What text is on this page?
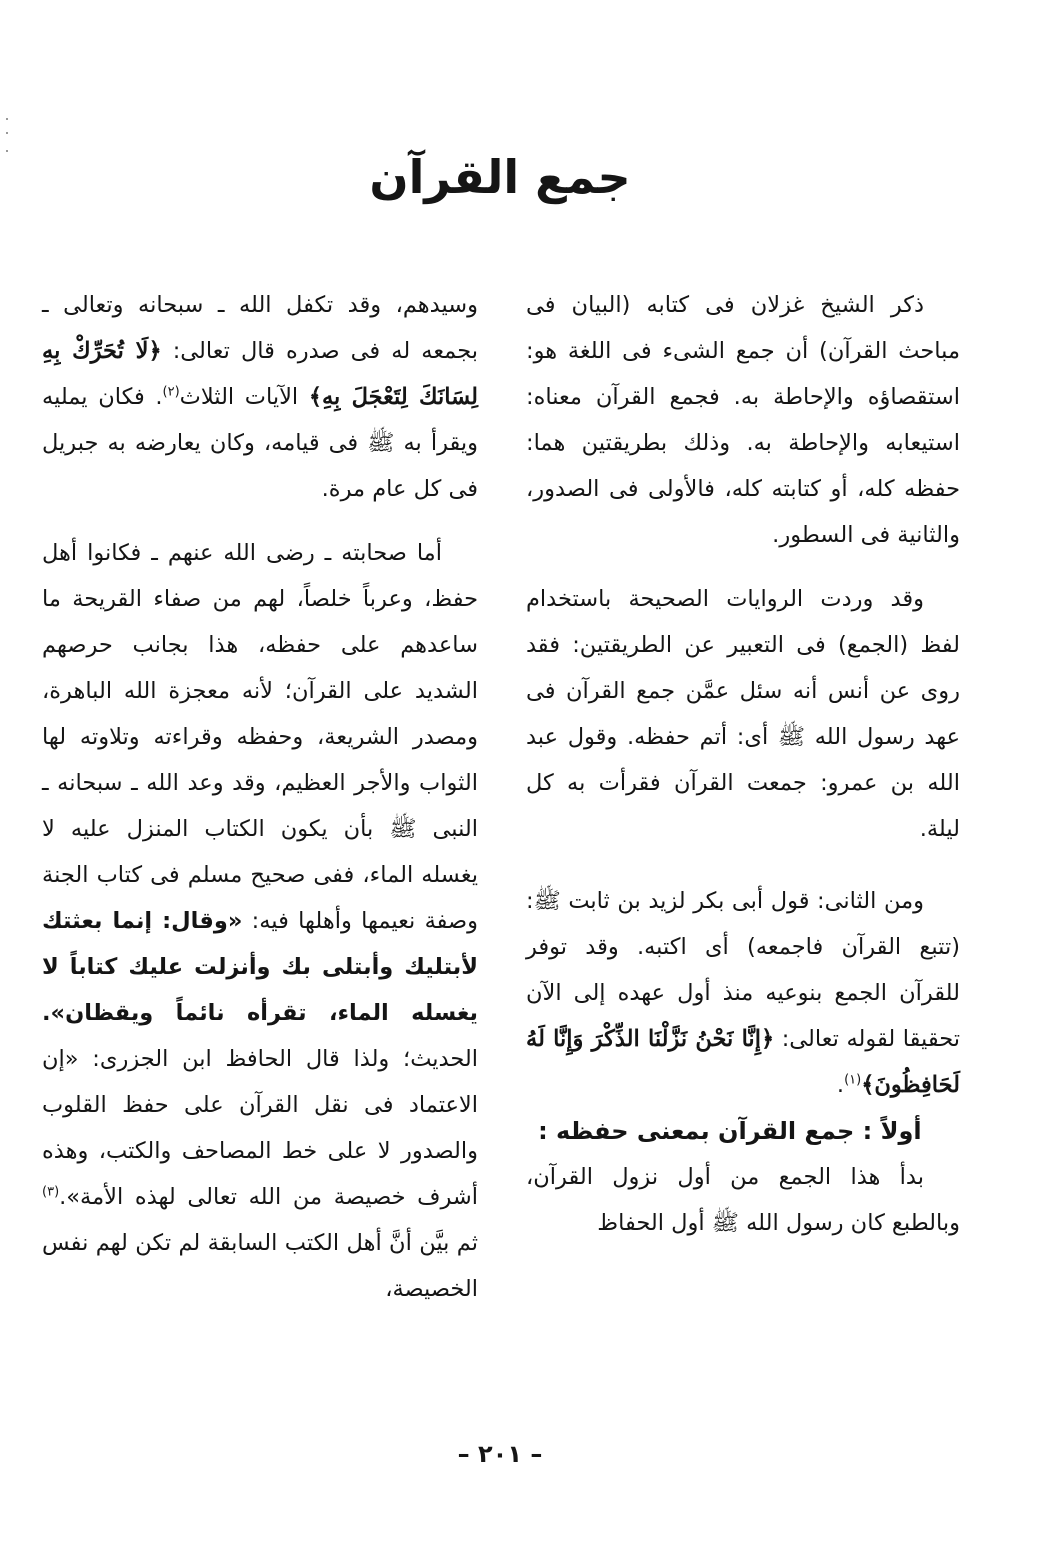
جمع القرآن

ذكر الشيخ غزلان فى كتابه (البيان فى مباحث القرآن) أن جمع الشىء فى اللغة هو: استقصاؤه والإحاطة به. فجمع القرآن معناه: استيعابه والإحاطة به. وذلك بطريقتين هما: حفظه كله، أو كتابته كله، فالأولى فى الصدور، والثانية فى السطور.

وقد وردت الروايات الصحيحة باستخدام لفظ (الجمع) فى التعبير عن الطريقتين: فقد روى عن أنس أنه سئل عمَّن جمع القرآن فى عهد رسول الله ﷺ أى: أتم حفظه. وقول عبد الله بن عمرو: جمعت القرآن فقرأت به كل ليلة.

ومن الثانى: قول أبى بكر لزيد بن ثابت ﷺ: (تتبع القرآن فاجمعه) أى اكتبه. وقد توفر للقرآن الجمع بنوعيه منذ أول عهده إلى الآن تحقيقا لقوله تعالى: ﴿إِنَّا نَحْنُ نَزَّلْنَا الذِّكْرَ وَإِنَّا لَهُ لَحَافِظُونَ﴾$^{(١)}$.

أولاً : جمع القرآن بمعنى حفظه :

بدأ هذا الجمع من أول نزول القرآن، وبالطبع كان رسول الله ﷺ أول الحفاظ

وسيدهم، وقد تكفل الله ـ سبحانه وتعالى ـ بجمعه له فى صدره قال تعالى: ﴿لَا تُحَرِّكْ بِهِ لِسَانَكَ لِتَعْجَلَ بِهِ﴾ الآيات الثلاث$^{(٢)}$. فكان يمليه ويقرأ به ﷺ فى قيامه، وكان يعارضه به جبريل فى كل عام مرة.

أما صحابته ـ رضى الله عنهم ـ فكانوا أهل حفظ، وعرباً خلصاً، لهم من صفاء القريحة ما ساعدهم على حفظه، هذا بجانب حرصهم الشديد على القرآن؛ لأنه معجزة الله الباهرة، ومصدر الشريعة، وحفظه وقراءته وتلاوته لها الثواب والأجر العظيم، وقد وعد الله ـ سبحانه ـ النبى ﷺ بأن يكون الكتاب المنزل عليه لا يغسله الماء، ففى صحيح مسلم فى كتاب الجنة وصفة نعيمها وأهلها فيه: «وقال: إنما بعثتك لأبتليك وأبتلى بك وأنزلت عليك كتاباً لا يغسله الماء، تقرأه نائماً ويقظان». الحديث؛ ولذا قال الحافظ ابن الجزرى: «إن الاعتماد فى نقل القرآن على حفظ القلوب والصدور لا على خط المصاحف والكتب، وهذه أشرف خصيصة من الله تعالى لهذه الأمة».$^{(٣)}$ ثم بيَّن أنَّ أهل الكتب السابقة لم تكن لهم نفس الخصيصة،

– ٢٠١ –
